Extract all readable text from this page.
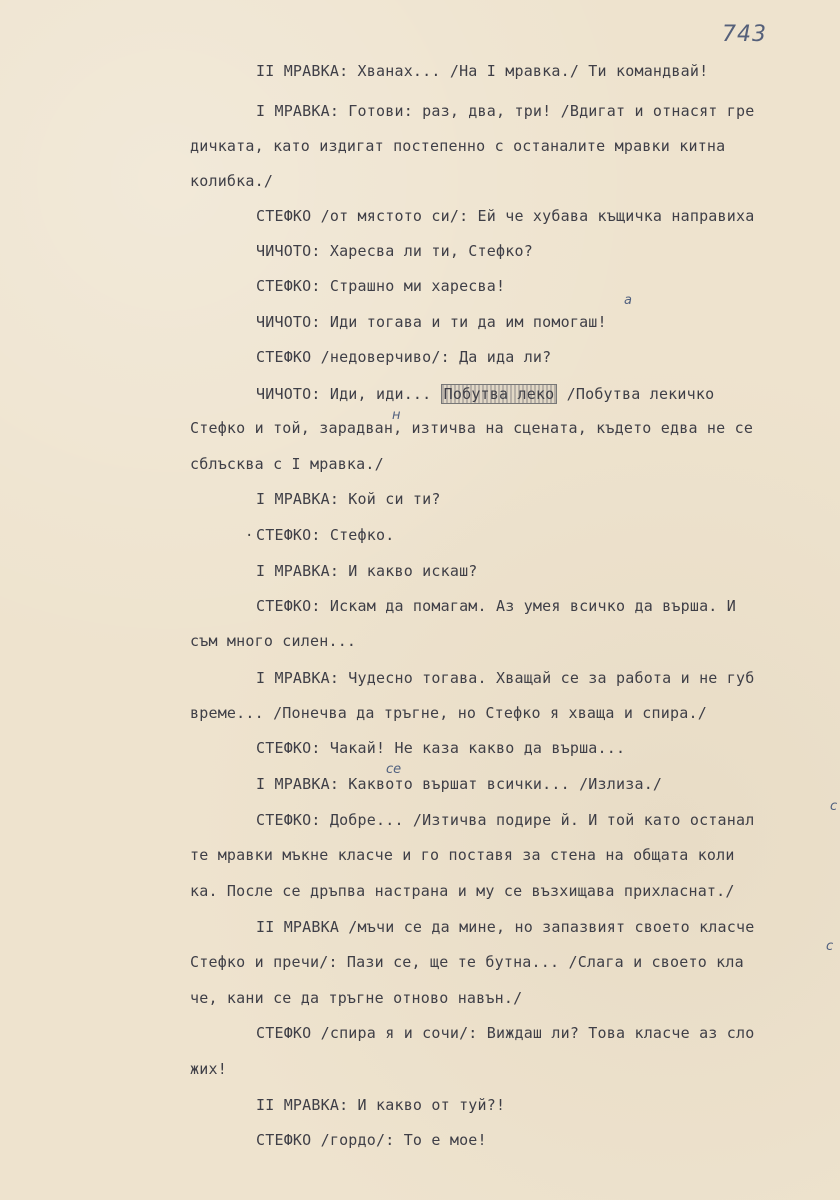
743
II МРАВКА: Хванах... /На I мравка./ Ти командвай!
I МРАВКА: Готови: раз, два, три! /Вдигат и отнасят гре
дичката, като издигат постепенно с останалите мравки китна
колибка./
СТЕФКО /от мястото си/: Ей че хубава къщичка направиха
ЧИЧОТО: Харесва ли ти, Стефко?
СТЕФКО: Страшно ми харесва!
ЧИЧОТО: Иди тогава и ти да им помогаш!
СТЕФКО /недоверчиво/: Да ида ли?
ЧИЧОТО: Иди, иди... Побутва леко /Побутва лекичко
Стефко и той, зарадван, изтичва на сцената, където едва не се
сблъсква с I мравка./
I МРАВКА: Кой си ти?
СТЕФКО: Стефко.
I МРАВКА: И какво искаш?
СТЕФКО: Искам да помагам. Аз умея всичко да върша. И
съм много силен...
I МРАВКА: Чудесно тогава. Хващай се за работа и не губ
време... /Понечва да тръгне, но Стефко я хваща и спира./
СТЕФКО: Чакай! Не каза какво да върша...
I МРАВКА: Каквото вършат всички... /Излиза./
СТЕФКО: Добре... /Изтичва подире й. И той като останал
те мравки мъкне класче и го поставя за стена на общата коли
ка. После се дръпва настрана и му се възхищава прихласнат./
II МРАВКА /мъчи се да мине, но запазвият своето класче
Стефко и пречи/: Пази се, ще те бутна... /Слага и своето кла
че, кани се да тръгне отново навън./
СТЕФКО /спира я и сочи/: Виждаш ли? Това класче аз сло
жих!
II МРАВКА: И какво от туй?!
СТЕФКО /гордо/: То е мое!
а
н
се
с
с
·
